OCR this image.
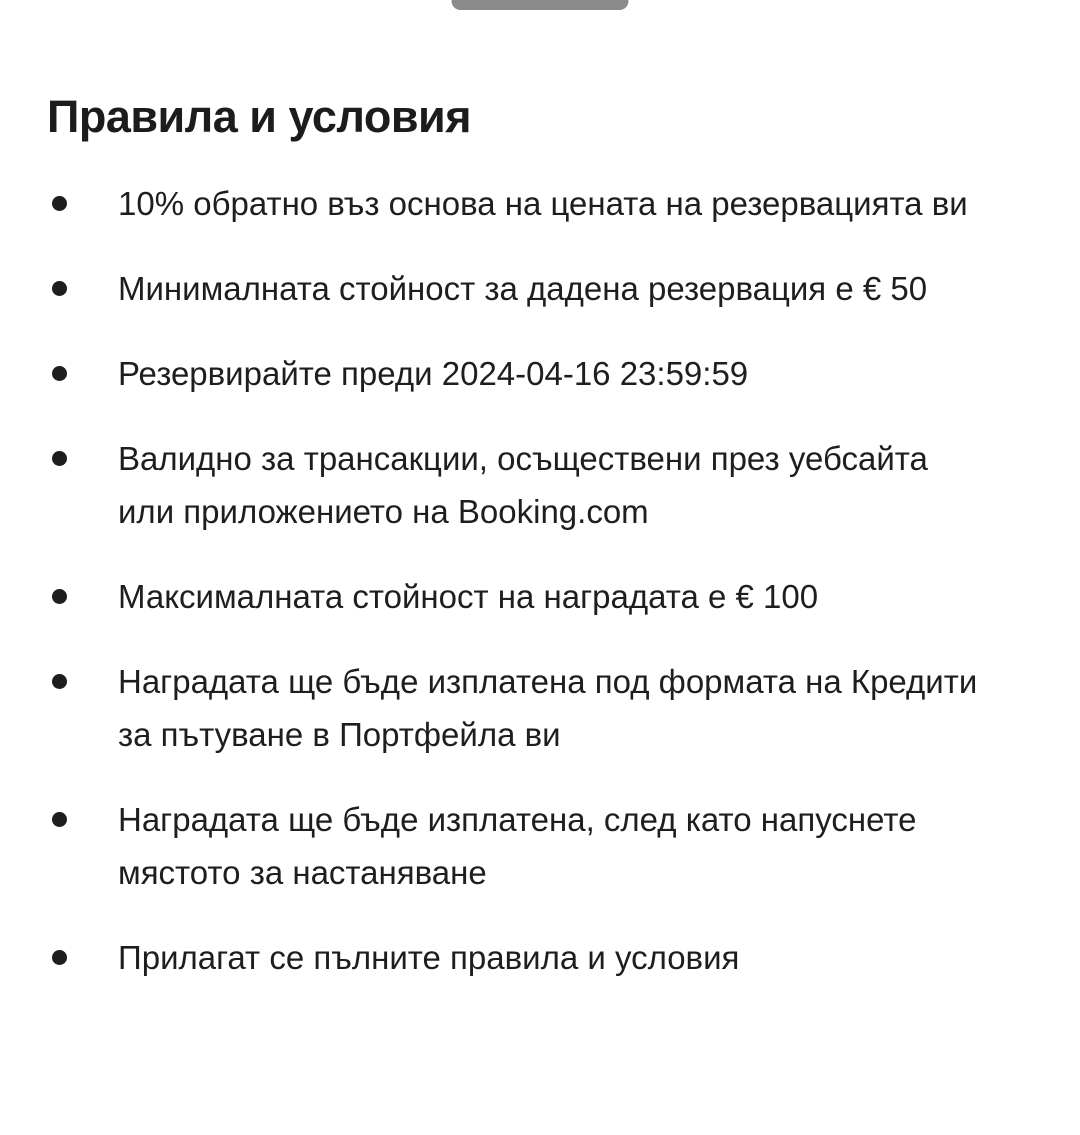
Правила и условия
10% обратно въз основа на цената на резервацията ви
Минималната стойност за дадена резервация е € 50
Резервирайте преди 2024-04-16 23:59:59
Валидно за трансакции, осъществени през уебсайта или приложението на Booking.com
Максималната стойност на наградата е € 100
Наградата ще бъде изплатена под формата на Кредити за пътуване в Портфейла ви
Наградата ще бъде изплатена, след като напуснете мястото за настаняване
Прилагат се пълните правила и условия
